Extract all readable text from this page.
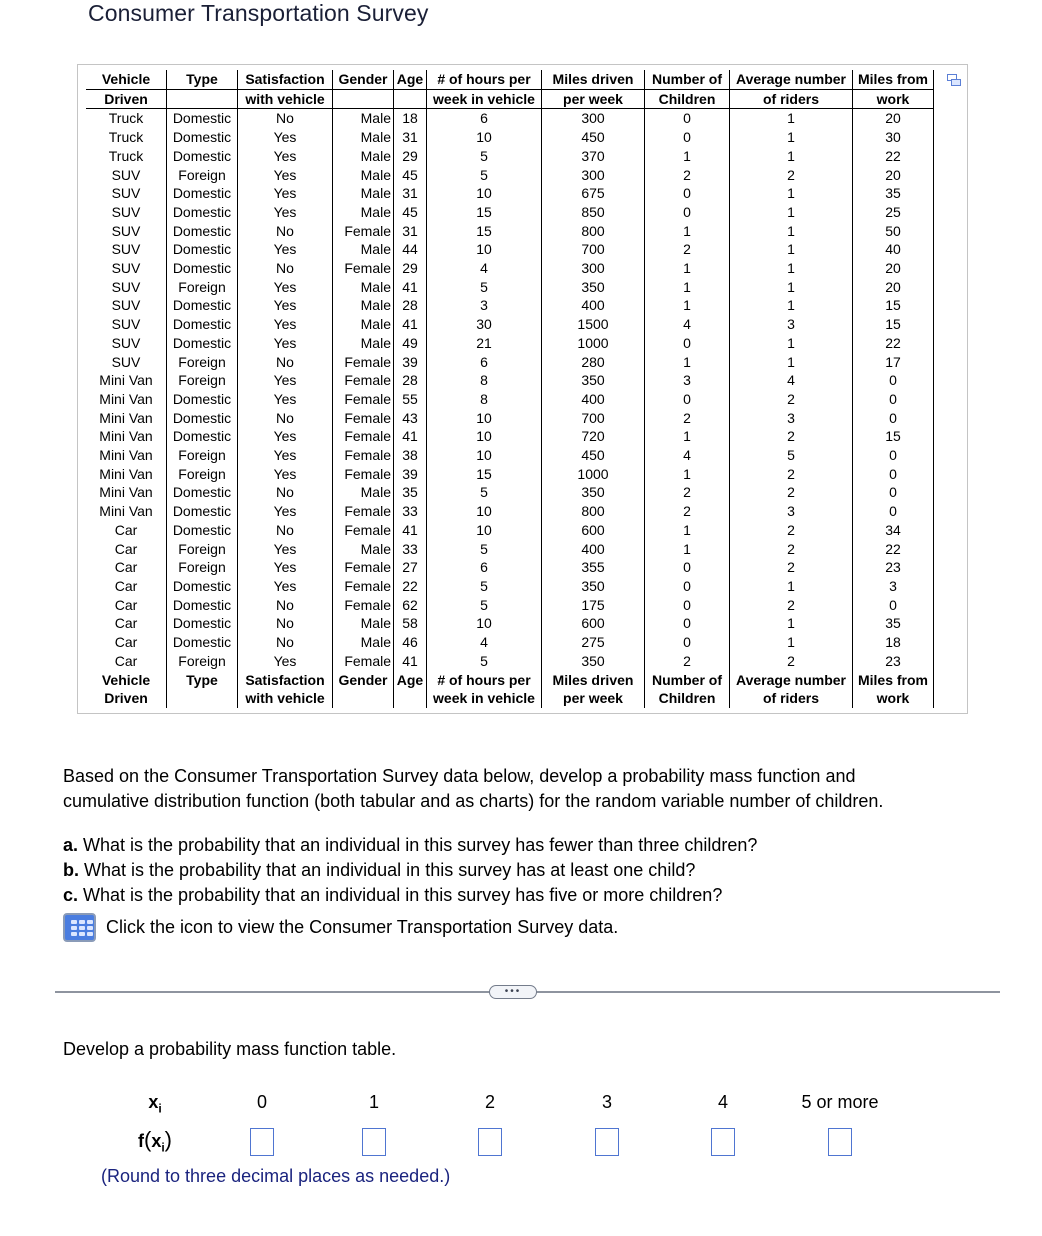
Consumer Transportation Survey
Vehicle	Type	Satisfaction	Gender	Age	# of hours per	Miles driven	Number of	Average number	Miles from
Driven		with vehicle			week in vehicle	per week	Children	of riders	work
Truck	Domestic	No	Male	18	6	300	0	1	20
Truck	Domestic	Yes	Male	31	10	450	0	1	30
Truck	Domestic	Yes	Male	29	5	370	1	1	22
SUV	Foreign	Yes	Male	45	5	300	2	2	20
SUV	Domestic	Yes	Male	31	10	675	0	1	35
SUV	Domestic	Yes	Male	45	15	850	0	1	25
SUV	Domestic	No	Female	31	15	800	1	1	50
SUV	Domestic	Yes	Male	44	10	700	2	1	40
SUV	Domestic	No	Female	29	4	300	1	1	20
SUV	Foreign	Yes	Male	41	5	350	1	1	20
SUV	Domestic	Yes	Male	28	3	400	1	1	15
SUV	Domestic	Yes	Male	41	30	1500	4	3	15
SUV	Domestic	Yes	Male	49	21	1000	0	1	22
SUV	Foreign	No	Female	39	6	280	1	1	17
Mini Van	Foreign	Yes	Female	28	8	350	3	4	0
Mini Van	Domestic	Yes	Female	55	8	400	0	2	0
Mini Van	Domestic	No	Female	43	10	700	2	3	0
Mini Van	Domestic	Yes	Female	41	10	720	1	2	15
Mini Van	Foreign	Yes	Female	38	10	450	4	5	0
Mini Van	Foreign	Yes	Female	39	15	1000	1	2	0
Mini Van	Domestic	No	Male	35	5	350	2	2	0
Mini Van	Domestic	Yes	Female	33	10	800	2	3	0
Car	Domestic	No	Female	41	10	600	1	2	34
Car	Foreign	Yes	Male	33	5	400	1	2	22
Car	Foreign	Yes	Female	27	6	355	0	2	23
Car	Domestic	Yes	Female	22	5	350	0	1	3
Car	Domestic	No	Female	62	5	175	0	2	0
Car	Domestic	No	Male	58	10	600	0	1	35
Car	Domestic	No	Male	46	4	275	0	1	18
Car	Foreign	Yes	Female	41	5	350	2	2	23
Vehicle	Type	Satisfaction	Gender	Age	# of hours per	Miles driven	Number of	Average number	Miles from
Driven		with vehicle			week in vehicle	per week	Children	of riders	work

Based on the Consumer Transportation Survey data below, develop a probability mass function and

cumulative distribution function (both tabular and as charts) for the random variable number of children.

a. What is the probability that an individual in this survey has fewer than three children?
b. What is the probability that an individual in this survey has at least one child?
c. What is the probability that an individual in this survey has five or more children?
Click the icon to view the Consumer Transportation Survey data.
•••
Develop a probability mass function table.
$x_i$	0	1	2	3	4	5 or more
$f(x_i)$
(Round to three decimal places as needed.)
